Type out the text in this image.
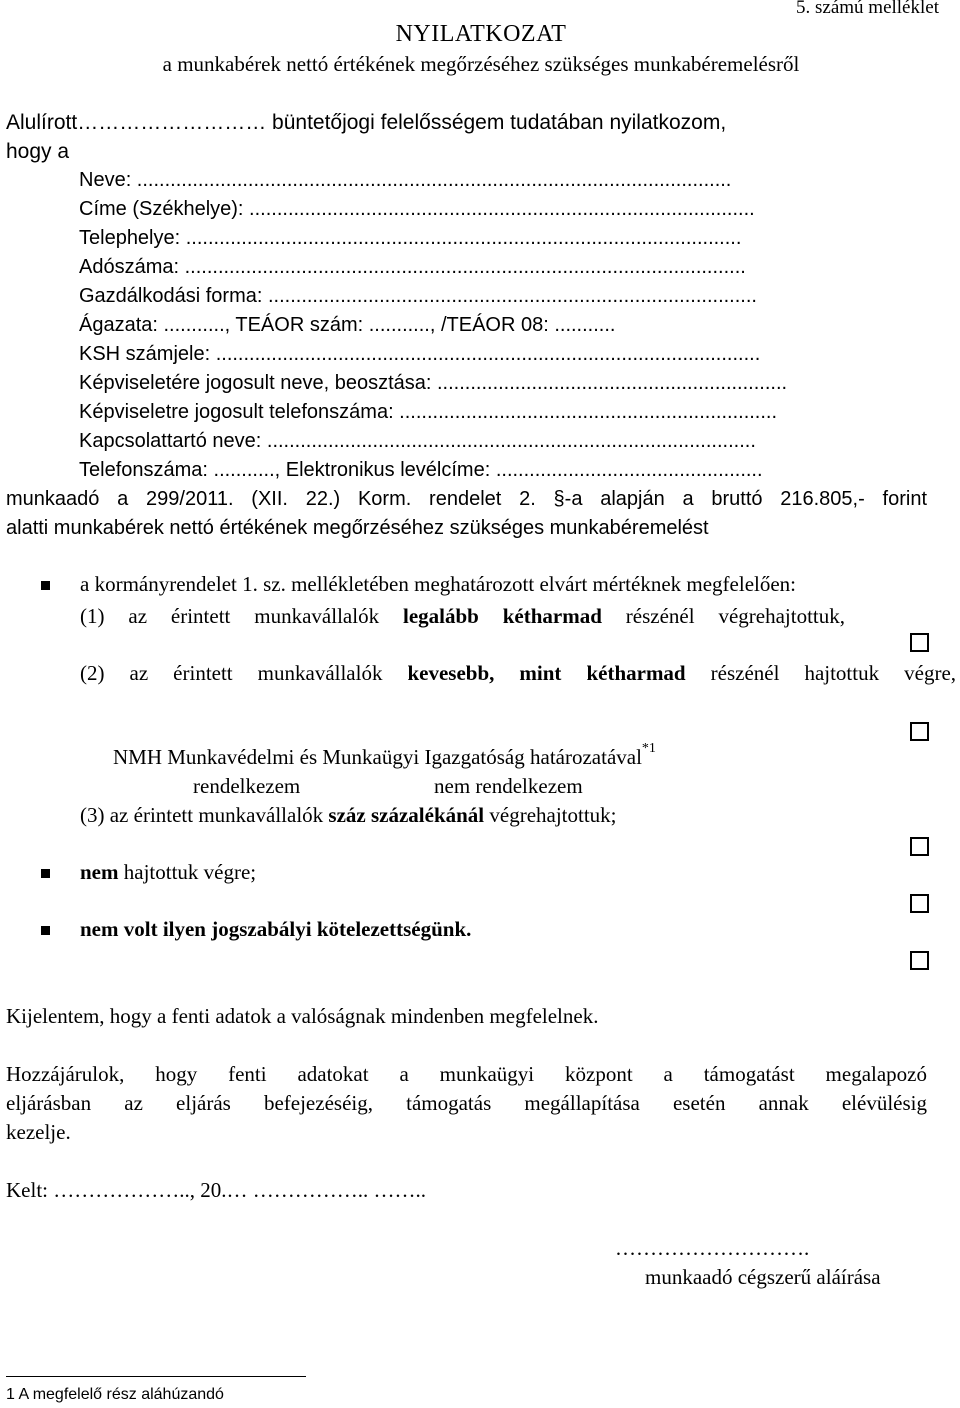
5. számú melléklet
NYILATKOZAT
a munkabérek nettó értékének megőrzéséhez szükséges munkabéremelésről
Alulírott……………………… büntetőjogi felelősségem tudatában nyilatkozom,
hogy a
Neve: ...........................................................................................................
Címe (Székhelye): ...........................................................................................
Telephelye: ....................................................................................................
Adószáma: .....................................................................................................
Gazdálkodási forma: ........................................................................................
Ágazata: ..........., TEÁOR szám: ..........., /TEÁOR 08: ...........
KSH számjele: ..................................................................................................
Képviseletére jogosult neve, beosztása: ...............................................................
Képviseletre jogosult telefonszáma: ....................................................................
Kapcsolattartó neve: ........................................................................................
Telefonszáma: ..........., Elektronikus levélcíme: ................................................
munkaadó a 299/2011. (XII. 22.) Korm. rendelet 2. §-a alapján a bruttó 216.805,- forint
alatti munkabérek nettó értékének megőrzéséhez szükséges munkabéremelést
a kormányrendelet 1. sz. mellékletében meghatározott elvárt mértéknek megfelelően:
(1) az érintett munkavállalók legalább kétharmad részénél végrehajtottuk,
(2) az érintett munkavállalók kevesebb, mint kétharmad részénél hajtottuk végre,
NMH Munkavédelmi és Munkaügyi Igazgatóság határozatával$^{*1}$
rendelkezem	nem rendelkezem
(3) az érintett munkavállalók száz százalékánál végrehajtottuk;
nem hajtottuk végre;
nem volt ilyen jogszabályi kötelezettségünk.
Kijelentem, hogy a fenti adatok a valóságnak mindenben megfelelnek.
Hozzájárulok, hogy fenti adatokat a munkaügyi központ a támogatást megalapozó
eljárásban az eljárás befejezéséig, támogatás megállapítása esetén annak elévülésig
kezelje.
Kelt: ……………….., 20.… …………….. ……..
……………………….
munkaadó cégszerű aláírása
1 A megfelelő rész aláhúzandó
